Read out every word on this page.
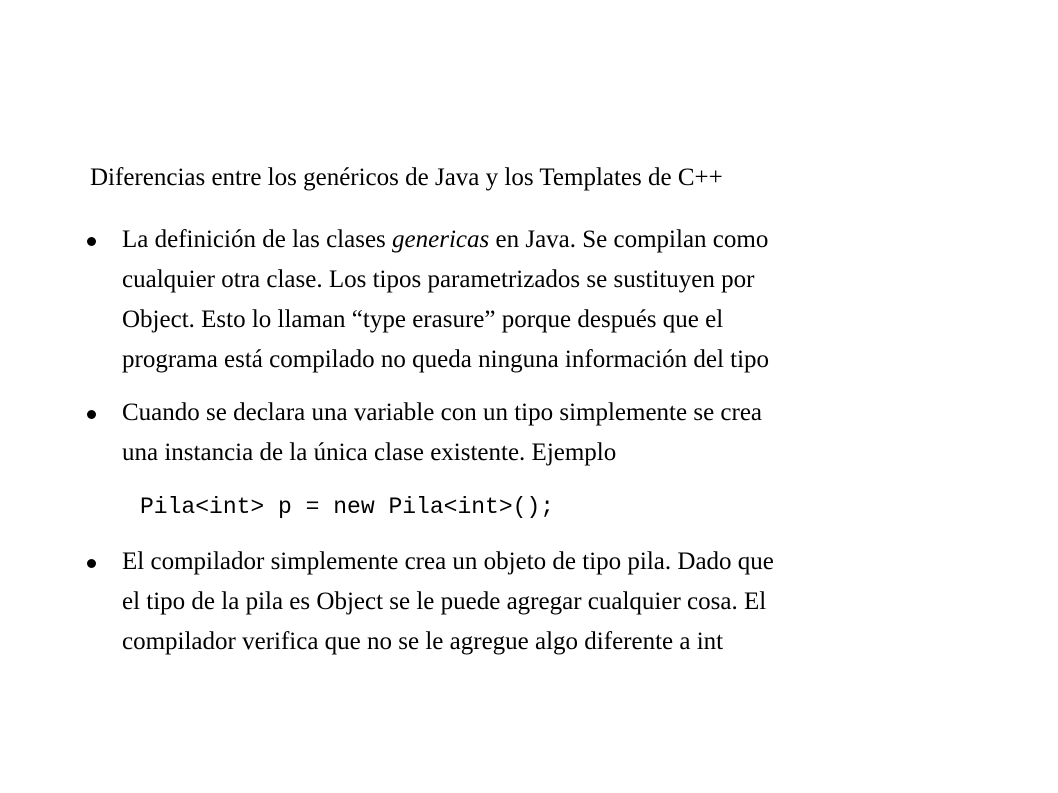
Diferencias entre los genéricos de Java y los Templates de C++
La definición de las clases genericas en Java. Se compilan como
cualquier otra clase. Los tipos parametrizados se sustituyen por
Object. Esto lo llaman “type erasure” porque después que el
programa está compilado no queda ninguna información del tipo
Cuando se declara una variable con un tipo simplemente se crea
una instancia de la única clase existente. Ejemplo
Pila<int> p = new Pila<int>();
El compilador simplemente crea un objeto de tipo pila. Dado que
el tipo de la pila es Object se le puede agregar cualquier cosa. El
compilador verifica que no se le agregue algo diferente a int
